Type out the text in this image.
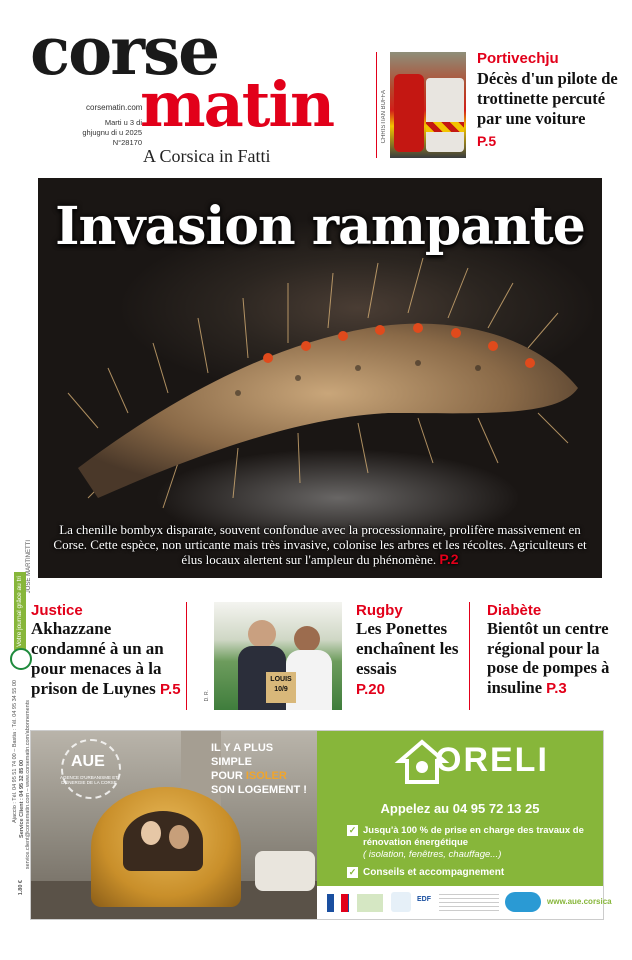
corse
matin
A Corsica in Fatti
corsematin.com
Marti u 3 di ghjugnu di u 2025
N°28170	CHRISTIAN BUFFA
Portivechju
Décès d'un pilote de trottinette percuté par une voiture
P.5
Invasion rampante
La chenille bombyx disparate, souvent confondue avec la processionnaire, prolifère massivement en Corse. Cette espèce, non urticante mais très invasive, colonise les arbres et les récoltes. Agriculteurs et élus locaux alertent sur l'ampleur du phénomène. P.2
JOSÉ MARTINETTI
Votre journal grâce au tri
Ajaccio : Tél. 04 95 51 74 00 – Bastia : Tél. 04 95 34 55 00 Service Client : 04 95 32 85 00 service.client@corsematin.com – www.corsematin.com/abonnements
1.80 €
Justice
Akhazzane condamné à un an pour menaces à la prison de Luynes P.5
LOUIS
10/9
D. R.
Rugby
Les Ponettes enchaînent les essais
P.20
Diabète
Bientôt un centre régional pour la pose de pompes à insuline P.3
AUE
AGENCE D'URBANISME ET D'ÉNERGIE DE LA CORSE
IL Y A PLUS SIMPLE
POUR ISOLER
SON LOGEMENT !
ORELI
Appelez au 04 95 72 13 25
✓ Jusqu'à 100 % de prise en charge des travaux de rénovation énergétique
( isolation, fenêtres, chauffage...)
✓ Conseils et accompagnement
EDF	www.aue.corsica
